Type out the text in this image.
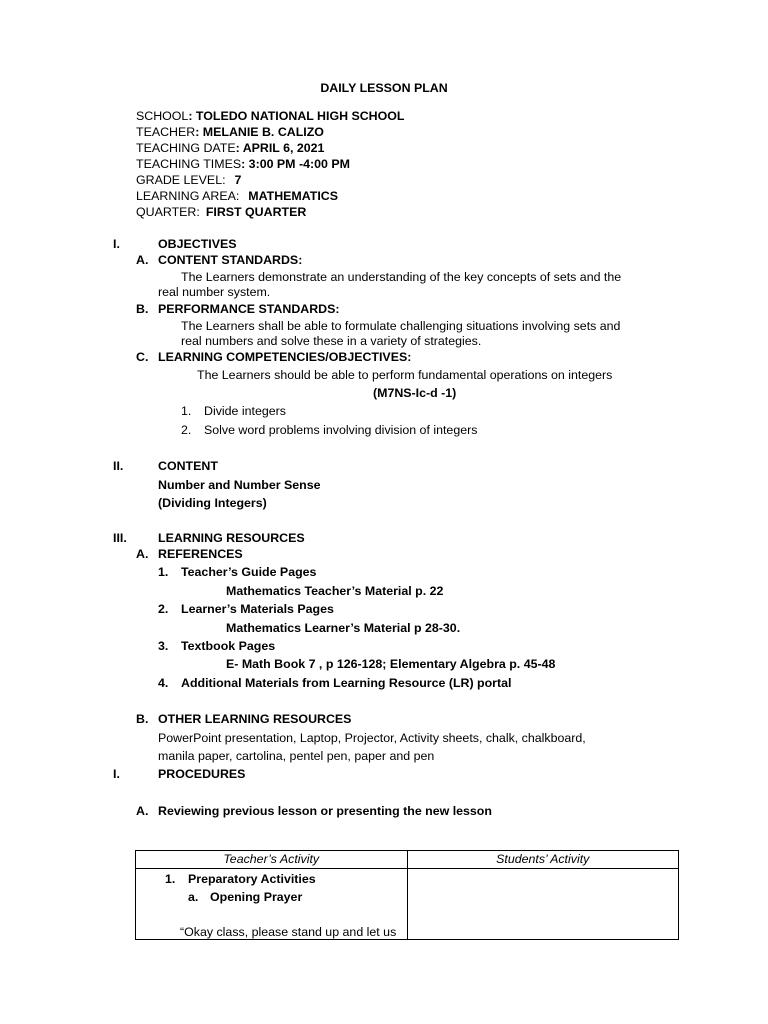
DAILY LESSON PLAN
SCHOOL: TOLEDO NATIONAL HIGH SCHOOL
TEACHER: MELANIE B. CALIZO
TEACHING DATE: APRIL 6, 2021
TEACHING TIMES: 3:00 PM -4:00 PM
GRADE LEVEL: 7
LEARNING AREA: MATHEMATICS
QUARTER: FIRST QUARTER
I.	OBJECTIVES
A. CONTENT STANDARDS:
The Learners demonstrate an understanding of the key concepts of sets and the
real number system.
B. PERFORMANCE STANDARDS:
The Learners shall be able to formulate challenging situations involving sets and
real numbers and solve these in a variety of strategies.
C. LEARNING COMPETENCIES/OBJECTIVES:
The Learners should be able to perform fundamental operations on integers
(M7NS-Ic-d -1)
1. Divide integers
2. Solve word problems involving division of integers
II.	CONTENT
Number and Number Sense
(Dividing Integers)
III.	LEARNING RESOURCES
A. REFERENCES
1. Teacher’s Guide Pages
Mathematics Teacher’s Material p. 22
2. Learner’s Materials Pages
Mathematics Learner’s Material p 28-30.
3. Textbook Pages
E- Math Book 7 , p 126-128; Elementary Algebra p. 45-48
4. Additional Materials from Learning Resource (LR) portal
B. OTHER LEARNING RESOURCES
PowerPoint presentation, Laptop, Projector, Activity sheets, chalk, chalkboard,
manila paper, cartolina, pentel pen, paper and pen
I.	PROCEDURES
A. Reviewing previous lesson or presenting the new lesson
Teacher’s Activity	Students’ Activity

1. Preparatory Activities
a. Opening Prayer
“Okay class, please stand up and let us	
